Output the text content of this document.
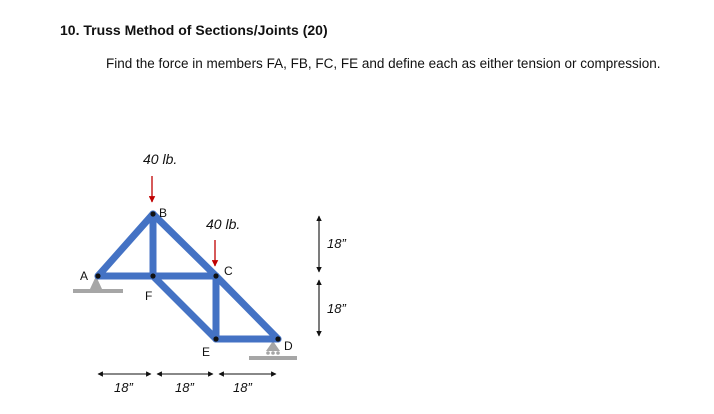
10. Truss Method of Sections/Joints (20)
Find the force in members FA, FB, FC, FE and define each as either tension or compression.
A
B
F
C
E	D
40 lb.
40 lb.
18”
18”
18”	18”	18”
